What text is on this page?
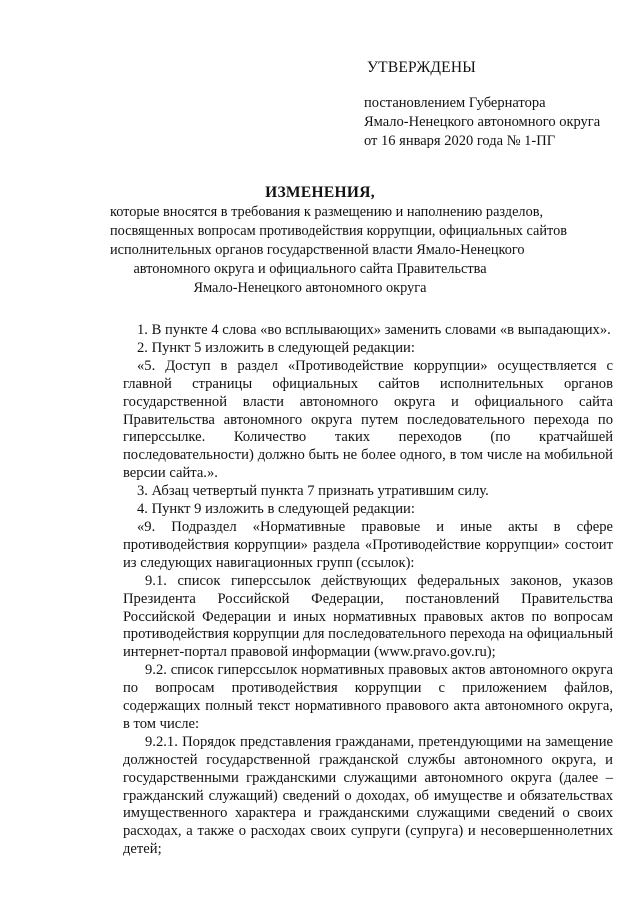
УТВЕРЖДЕНЫ
постановлением Губернатора
Ямало-Ненецкого автономного округа
от 16 января 2020 года № 1-ПГ
ИЗМЕНЕНИЯ,
которые вносятся в требования к размещению и наполнению разделов,
посвященных вопросам противодействия коррупции, официальных сайтов
исполнительных органов государственной власти Ямало-Ненецкого
автономного округа и официального сайта Правительства
Ямало-Ненецкого автономного округа

1. В пункте 4 слова «во всплывающих» заменить словами «в выпадающих».

2. Пункт 5 изложить в следующей редакции:

«5. Доступ в раздел «Противодействие коррупции» осуществляется с главной страницы официальных сайтов исполнительных органов государственной власти автономного округа и официального сайта Правительства автономного округа путем последовательного перехода по гиперссылке. Количество таких переходов (по кратчайшей последовательности) должно быть не более одного, в том числе на мобильной версии сайта.».

3. Абзац четвертый пункта 7 признать утратившим силу.

4. Пункт 9 изложить в следующей редакции:

«9. Подраздел «Нормативные правовые и иные акты в сфере противодействия коррупции» раздела «Противодействие коррупции» состоит из следующих навигационных групп (ссылок):

9.1. список гиперссылок действующих федеральных законов, указов Президента Российской Федерации, постановлений Правительства Российской Федерации и иных нормативных правовых актов по вопросам противодействия коррупции для последовательного перехода на официальный интернет-портал правовой информации (www.pravo.gov.ru);

9.2. список гиперссылок нормативных правовых актов автономного округа по вопросам противодействия коррупции с приложением файлов, содержащих полный текст нормативного правового акта автономного округа, в том числе:

9.2.1. Порядок представления гражданами, претендующими на замещение должностей государственной гражданской службы автономного округа, и государственными гражданскими служащими автономного округа (далее – гражданский служащий) сведений о доходах, об имуществе и обязательствах имущественного характера и гражданскими служащими сведений о своих расходах, а также о расходах своих супруги (супруга) и несовершеннолетних детей;
